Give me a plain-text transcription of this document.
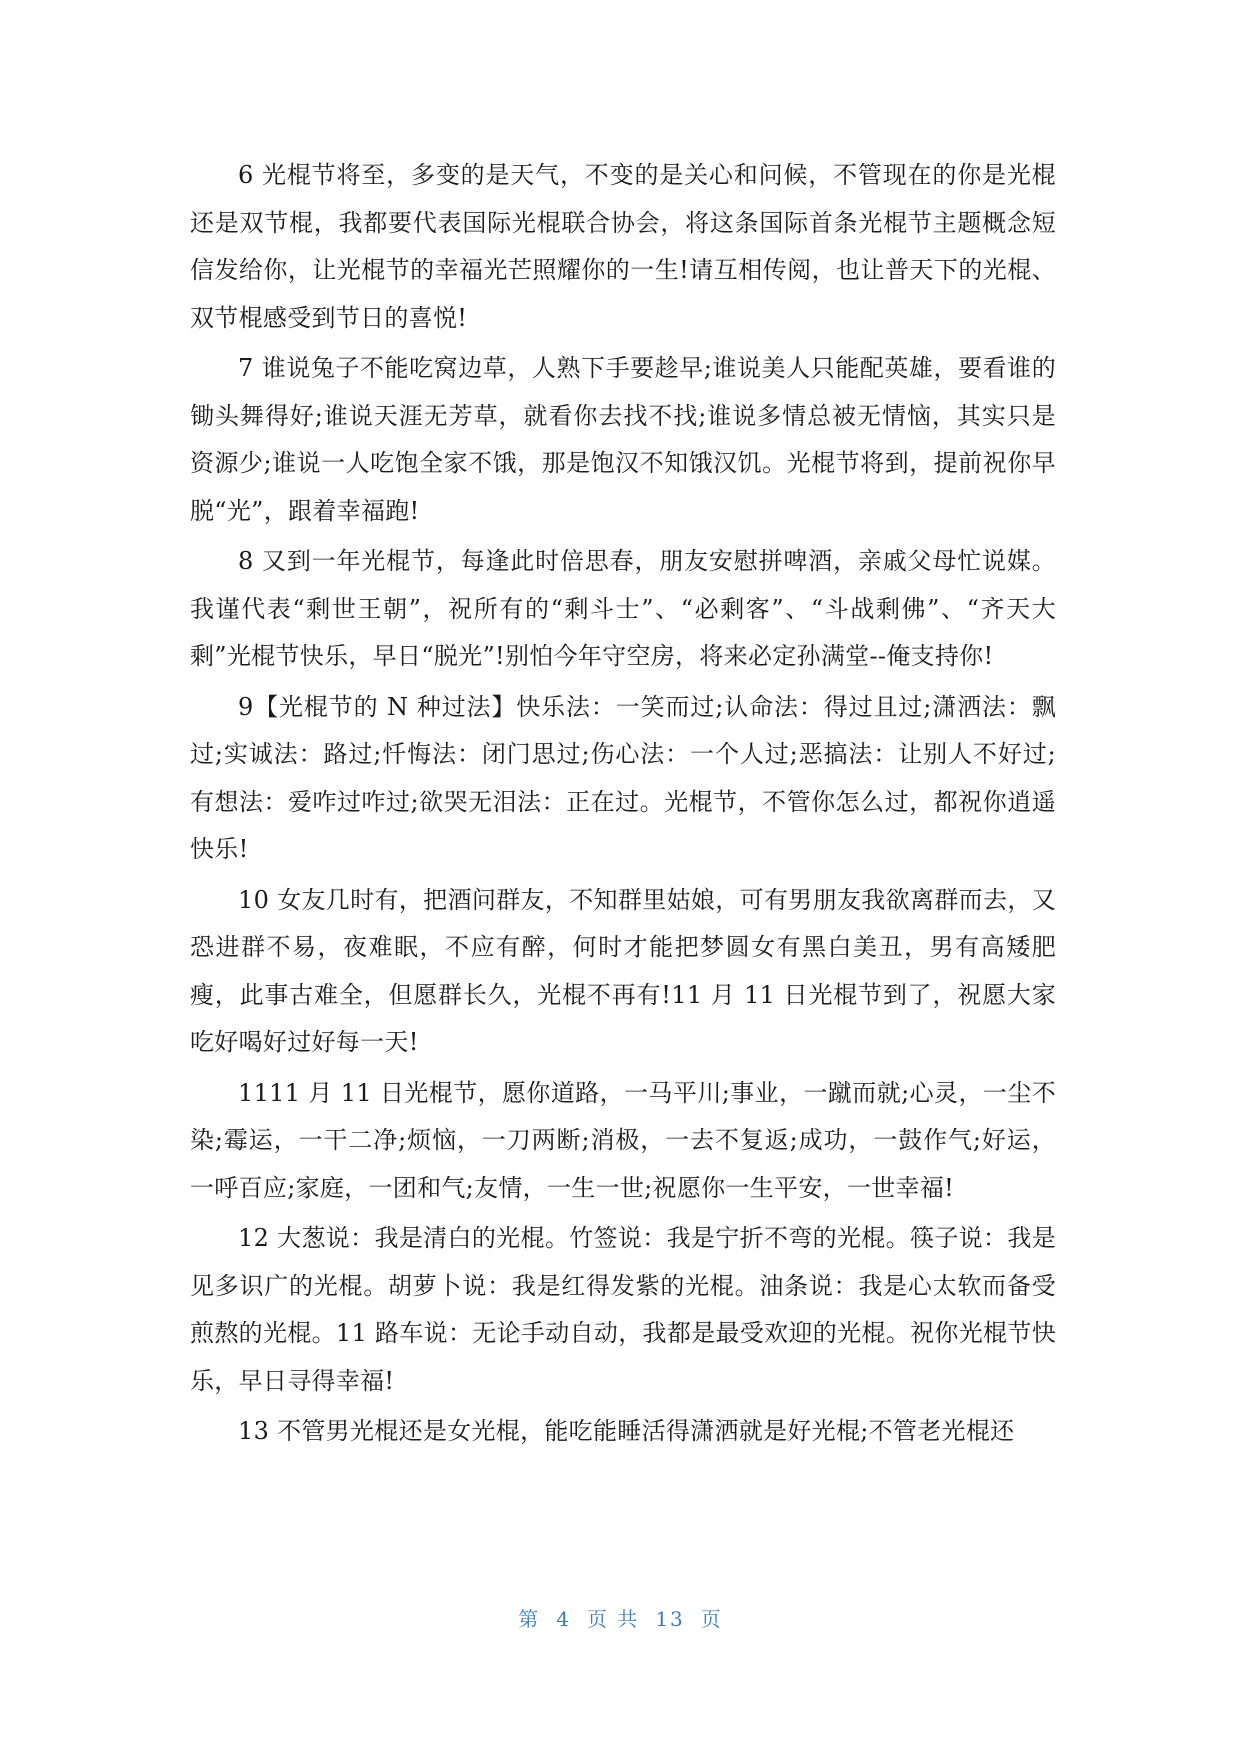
6 光棍节将至，多变的是天气，不变的是关心和问候，不管现在的你是光棍还是双节棍，我都要代表国际光棍联合协会，将这条国际首条光棍节主题概念短信发给你，让光棍节的幸福光芒照耀你的一生!请互相传阅，也让普天下的光棍、双节棍感受到节日的喜悦!

7 谁说兔子不能吃窝边草，人熟下手要趁早;谁说美人只能配英雄，要看谁的锄头舞得好;谁说天涯无芳草，就看你去找不找;谁说多情总被无情恼，其实只是资源少;谁说一人吃饱全家不饿，那是饱汉不知饿汉饥。光棍节将到，提前祝你早脱“光”，跟着幸福跑!

8 又到一年光棍节，每逢此时倍思春，朋友安慰拼啤酒，亲戚父母忙说媒。我谨代表“剩世王朝”，祝所有的“剩斗士”、“必剩客”、“斗战剩佛”、“齐天大剩”光棍节快乐，早日“脱光”!别怕今年守空房，将来必定孙满堂--俺支持你!

9【光棍节的 N 种过法】快乐法：一笑而过;认命法：得过且过;潇洒法：飘过;实诚法：路过;忏悔法：闭门思过;伤心法：一个人过;恶搞法：让别人不好过;有想法：爱咋过咋过;欲哭无泪法：正在过。光棍节，不管你怎么过，都祝你逍遥快乐!

10 女友几时有，把酒问群友，不知群里姑娘，可有男朋友我欲离群而去，又恐进群不易，夜难眠，不应有醉，何时才能把梦圆女有黑白美丑，男有高矮肥瘦，此事古难全，但愿群长久，光棍不再有!11 月 11 日光棍节到了，祝愿大家吃好喝好过好每一天!

1111 月 11 日光棍节，愿你道路，一马平川;事业，一蹴而就;心灵，一尘不染;霉运，一干二净;烦恼，一刀两断;消极，一去不复返;成功，一鼓作气;好运，一呼百应;家庭，一团和气;友情，一生一世;祝愿你一生平安，一世幸福!

12 大葱说：我是清白的光棍。竹签说：我是宁折不弯的光棍。筷子说：我是见多识广的光棍。胡萝卜说：我是红得发紫的光棍。油条说：我是心太软而备受煎熬的光棍。11 路车说：无论手动自动，我都是最受欢迎的光棍。祝你光棍节快乐，早日寻得幸福!

13 不管男光棍还是女光棍，能吃能睡活得潇洒就是好光棍;不管老光棍还

第 4 页 共 13 页
